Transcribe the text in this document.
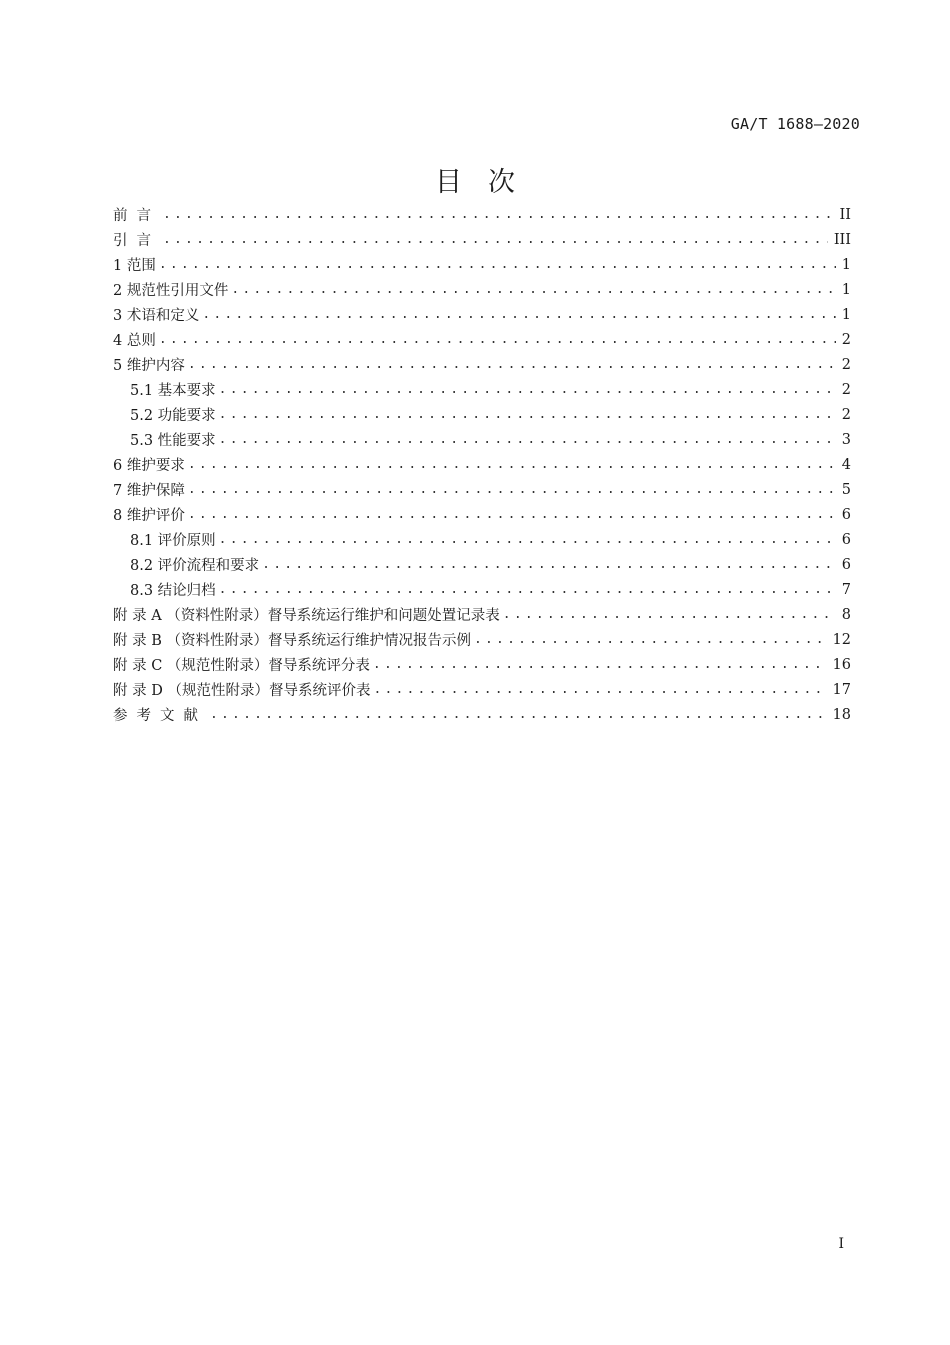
GA/T 1688—2020
目次
前言 .....	II
引言 .....	III
1 范围 .....	1
2 规范性引用文件 .....	1
3 术语和定义 .....	1
4 总则 .....	2
5 维护内容 .....	2
5.1 基本要求 .....	2
5.2 功能要求 .....	2
5.3 性能要求 .....	3
6 维护要求 .....	4
7 维护保障 .....	5
8 维护评价 .....	6
8.1 评价原则 .....	6
8.2 评价流程和要求 .....	6
8.3 结论归档 .....	7
附 录 A （资料性附录）督导系统运行维护和问题处置记录表 .....	8
附 录 B （资料性附录）督导系统运行维护情况报告示例 .....	12
附 录 C （规范性附录）督导系统评分表 .....	16
附 录 D （规范性附录）督导系统评价表 .....	17
参考文献 .....	18
I
